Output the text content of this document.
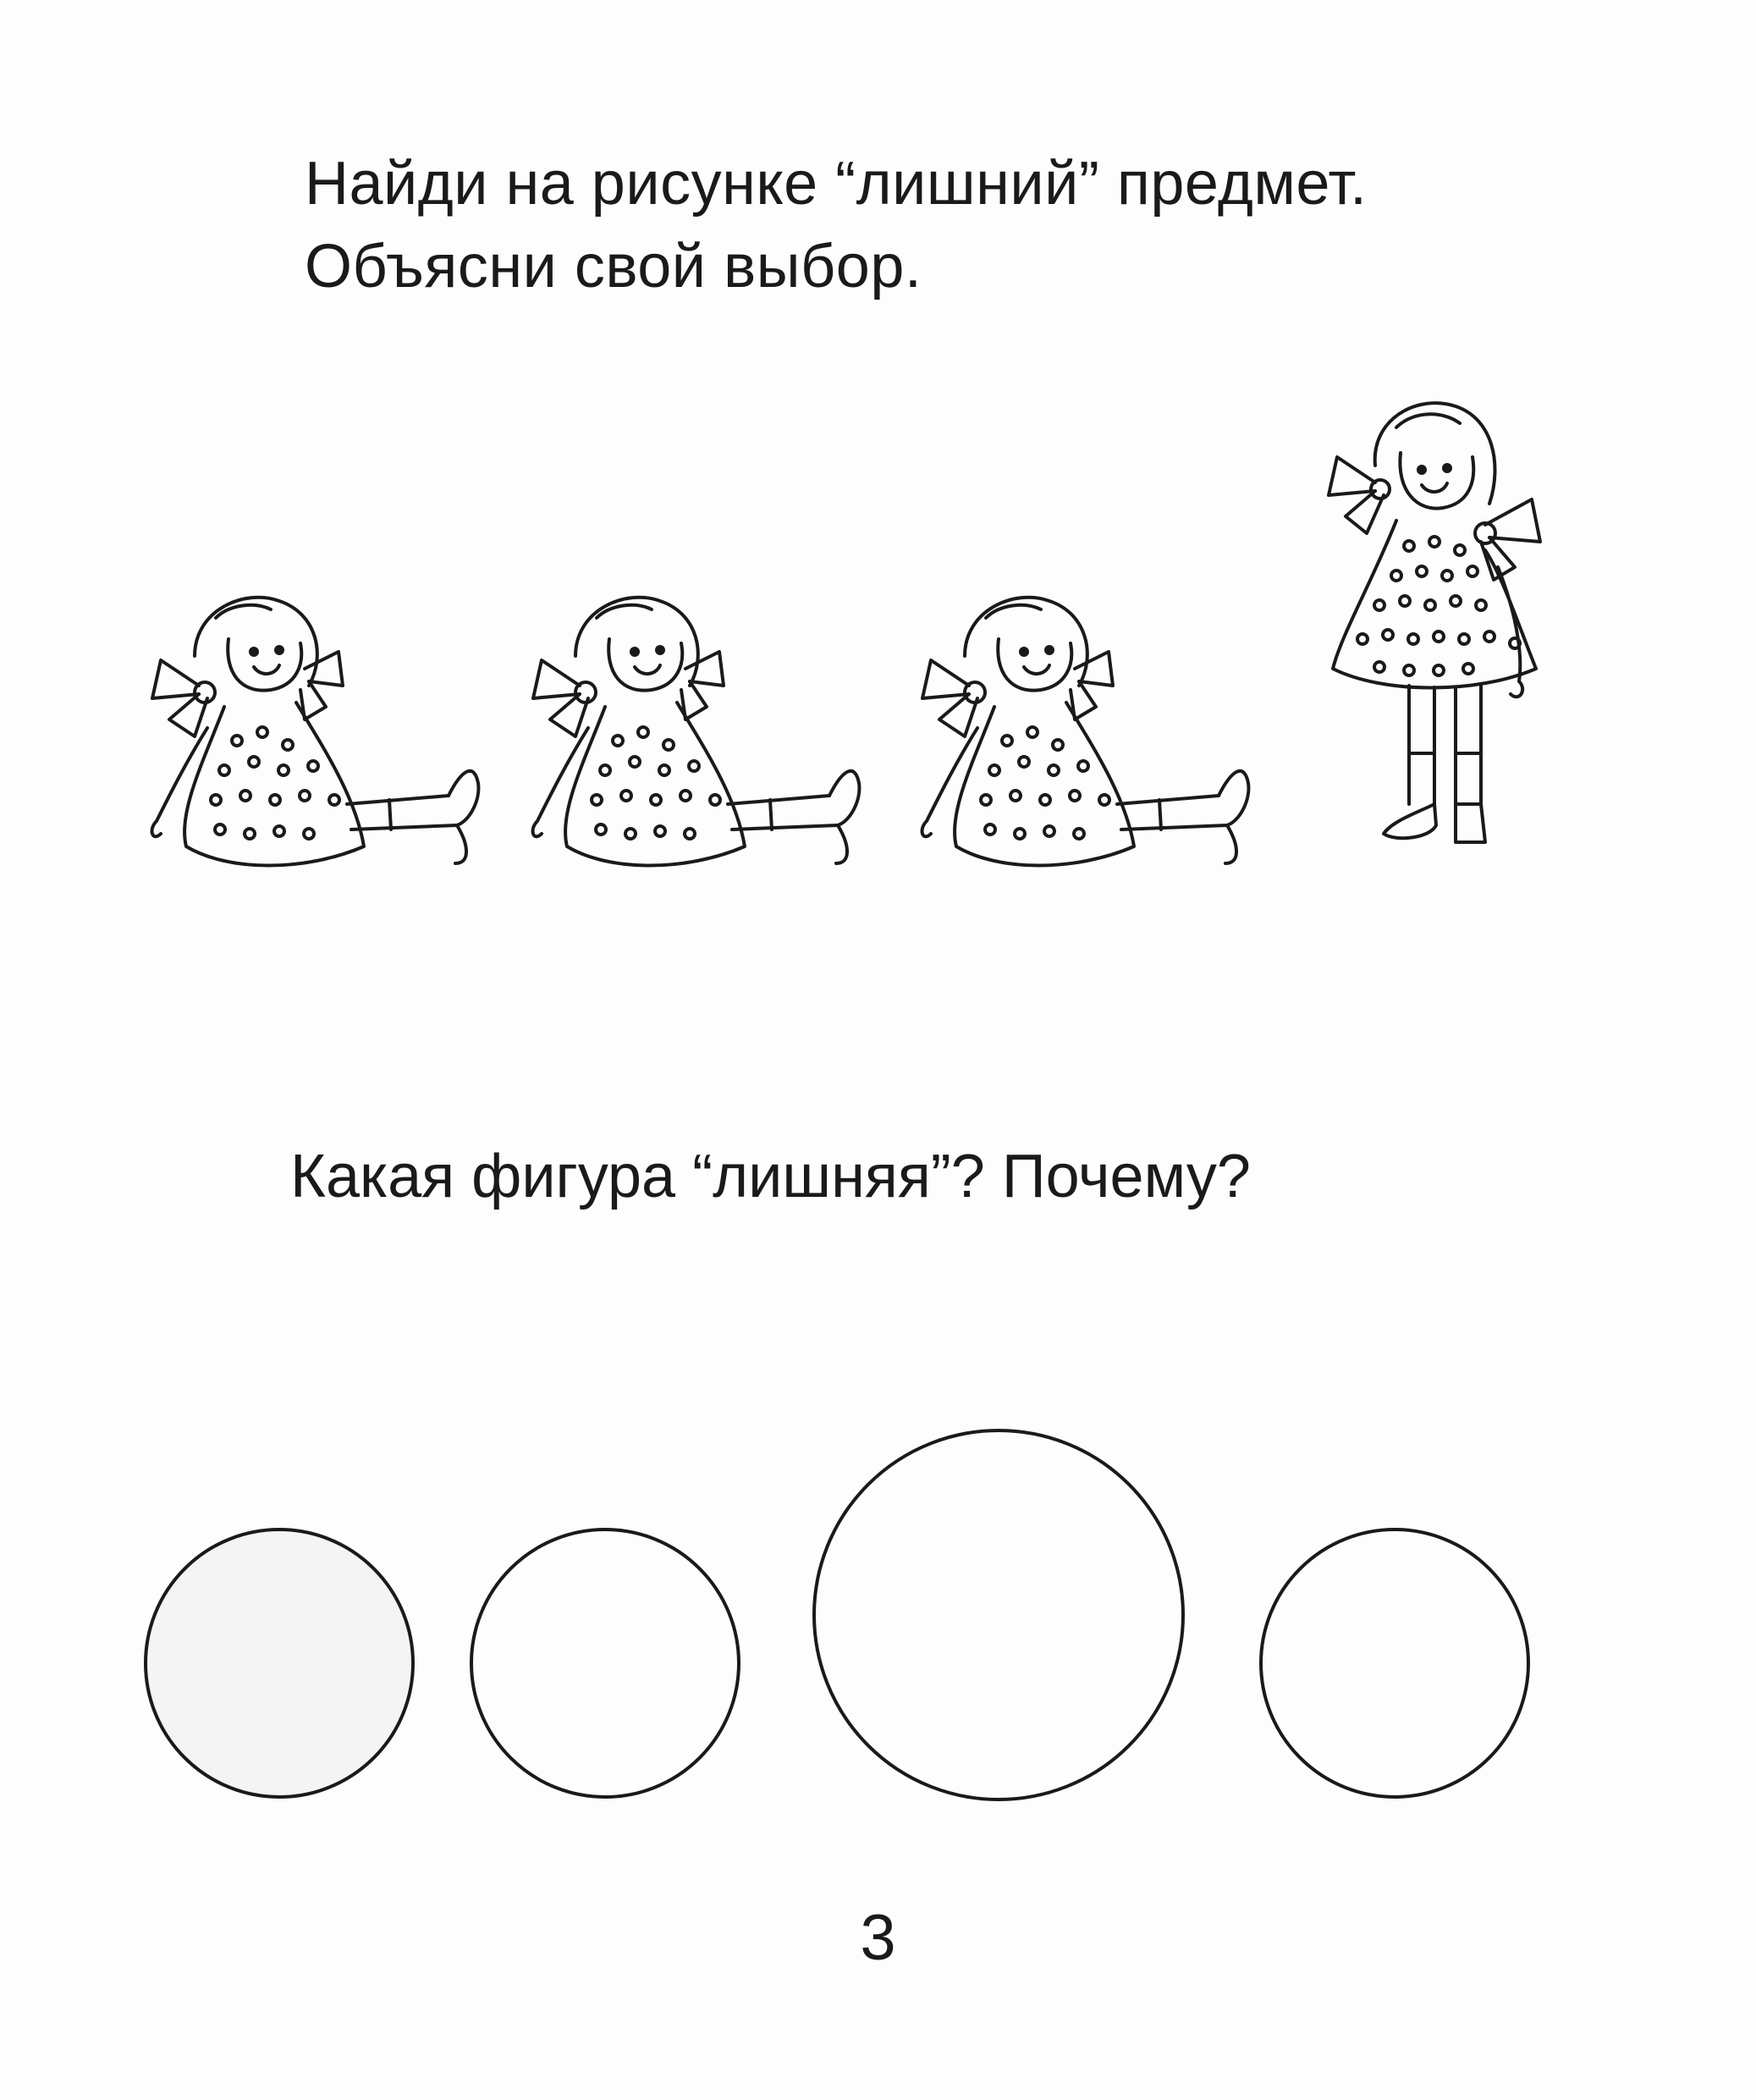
Найди на рисунке “лишний” предмет.
Объясни свой выбор.

Какая фигура “лишняя”? Почему?

3
